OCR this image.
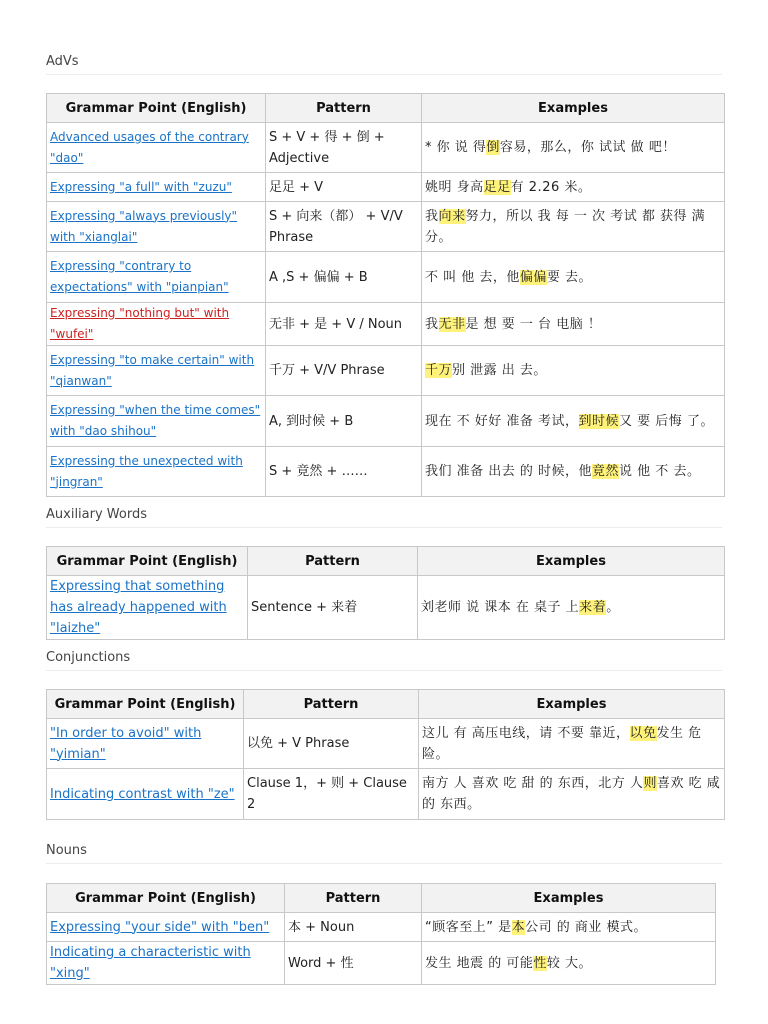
AdVs
Grammar Point (English)	Pattern	Examples
Advanced usages of the contrary "dao"	S + V + 得 + 倒 + Adjective	* 你 说 得倒容易，那么，你 试试 做 吧！
Expressing "a full" with "zuzu"	足足 + V	姚明 身高足足有 2.26 米。
Expressing "always previously" with "xianglai"	S + 向来（都） + V/V Phrase	我向来努力，所以 我 每 一 次 考试 都 获得 满 分。
Expressing "contrary to expectations" with "pianpian"	A ,S + 偏偏 + B	不 叫 他 去，他偏偏要 去。
Expressing "nothing but" with "wufei"	无非 + 是 + V / Noun	我无非是 想 要 一 台 电脑 ！
Expressing "to make certain" with "qianwan"	千万 + V/V Phrase	千万别 泄露 出 去。
Expressing "when the time comes" with "dao shihou"	A, 到时候 + B	现在 不 好好 准备 考试，到时候又 要 后悔 了。
Expressing the unexpected with "jingran"	S + 竟然 + ……	我们 准备 出去 的 时候，他竟然说 他 不 去。
Auxiliary Words
Grammar Point (English)	Pattern	Examples
Expressing that something has already happened with "laizhe"	Sentence + 来着	刘老师 说 课本 在 桌子 上来着。
Conjunctions
Grammar Point (English)	Pattern	Examples
"In order to avoid" with "yimian"	以免 + V Phrase	这儿 有 高压电线，请 不要 靠近，以免发生 危 险。
Indicating contrast with "ze"	Clause 1，+ 则 + Clause 2	南方 人 喜欢 吃 甜 的 东西，北方 人则喜欢 吃 咸 的 东西。
Nouns
Grammar Point (English)	Pattern	Examples
Expressing "your side" with "ben"	本 + Noun	“顾客至上” 是本公司 的 商业 模式。
Indicating a characteristic with "xing"	Word + 性	发生 地震 的 可能性较 大。
